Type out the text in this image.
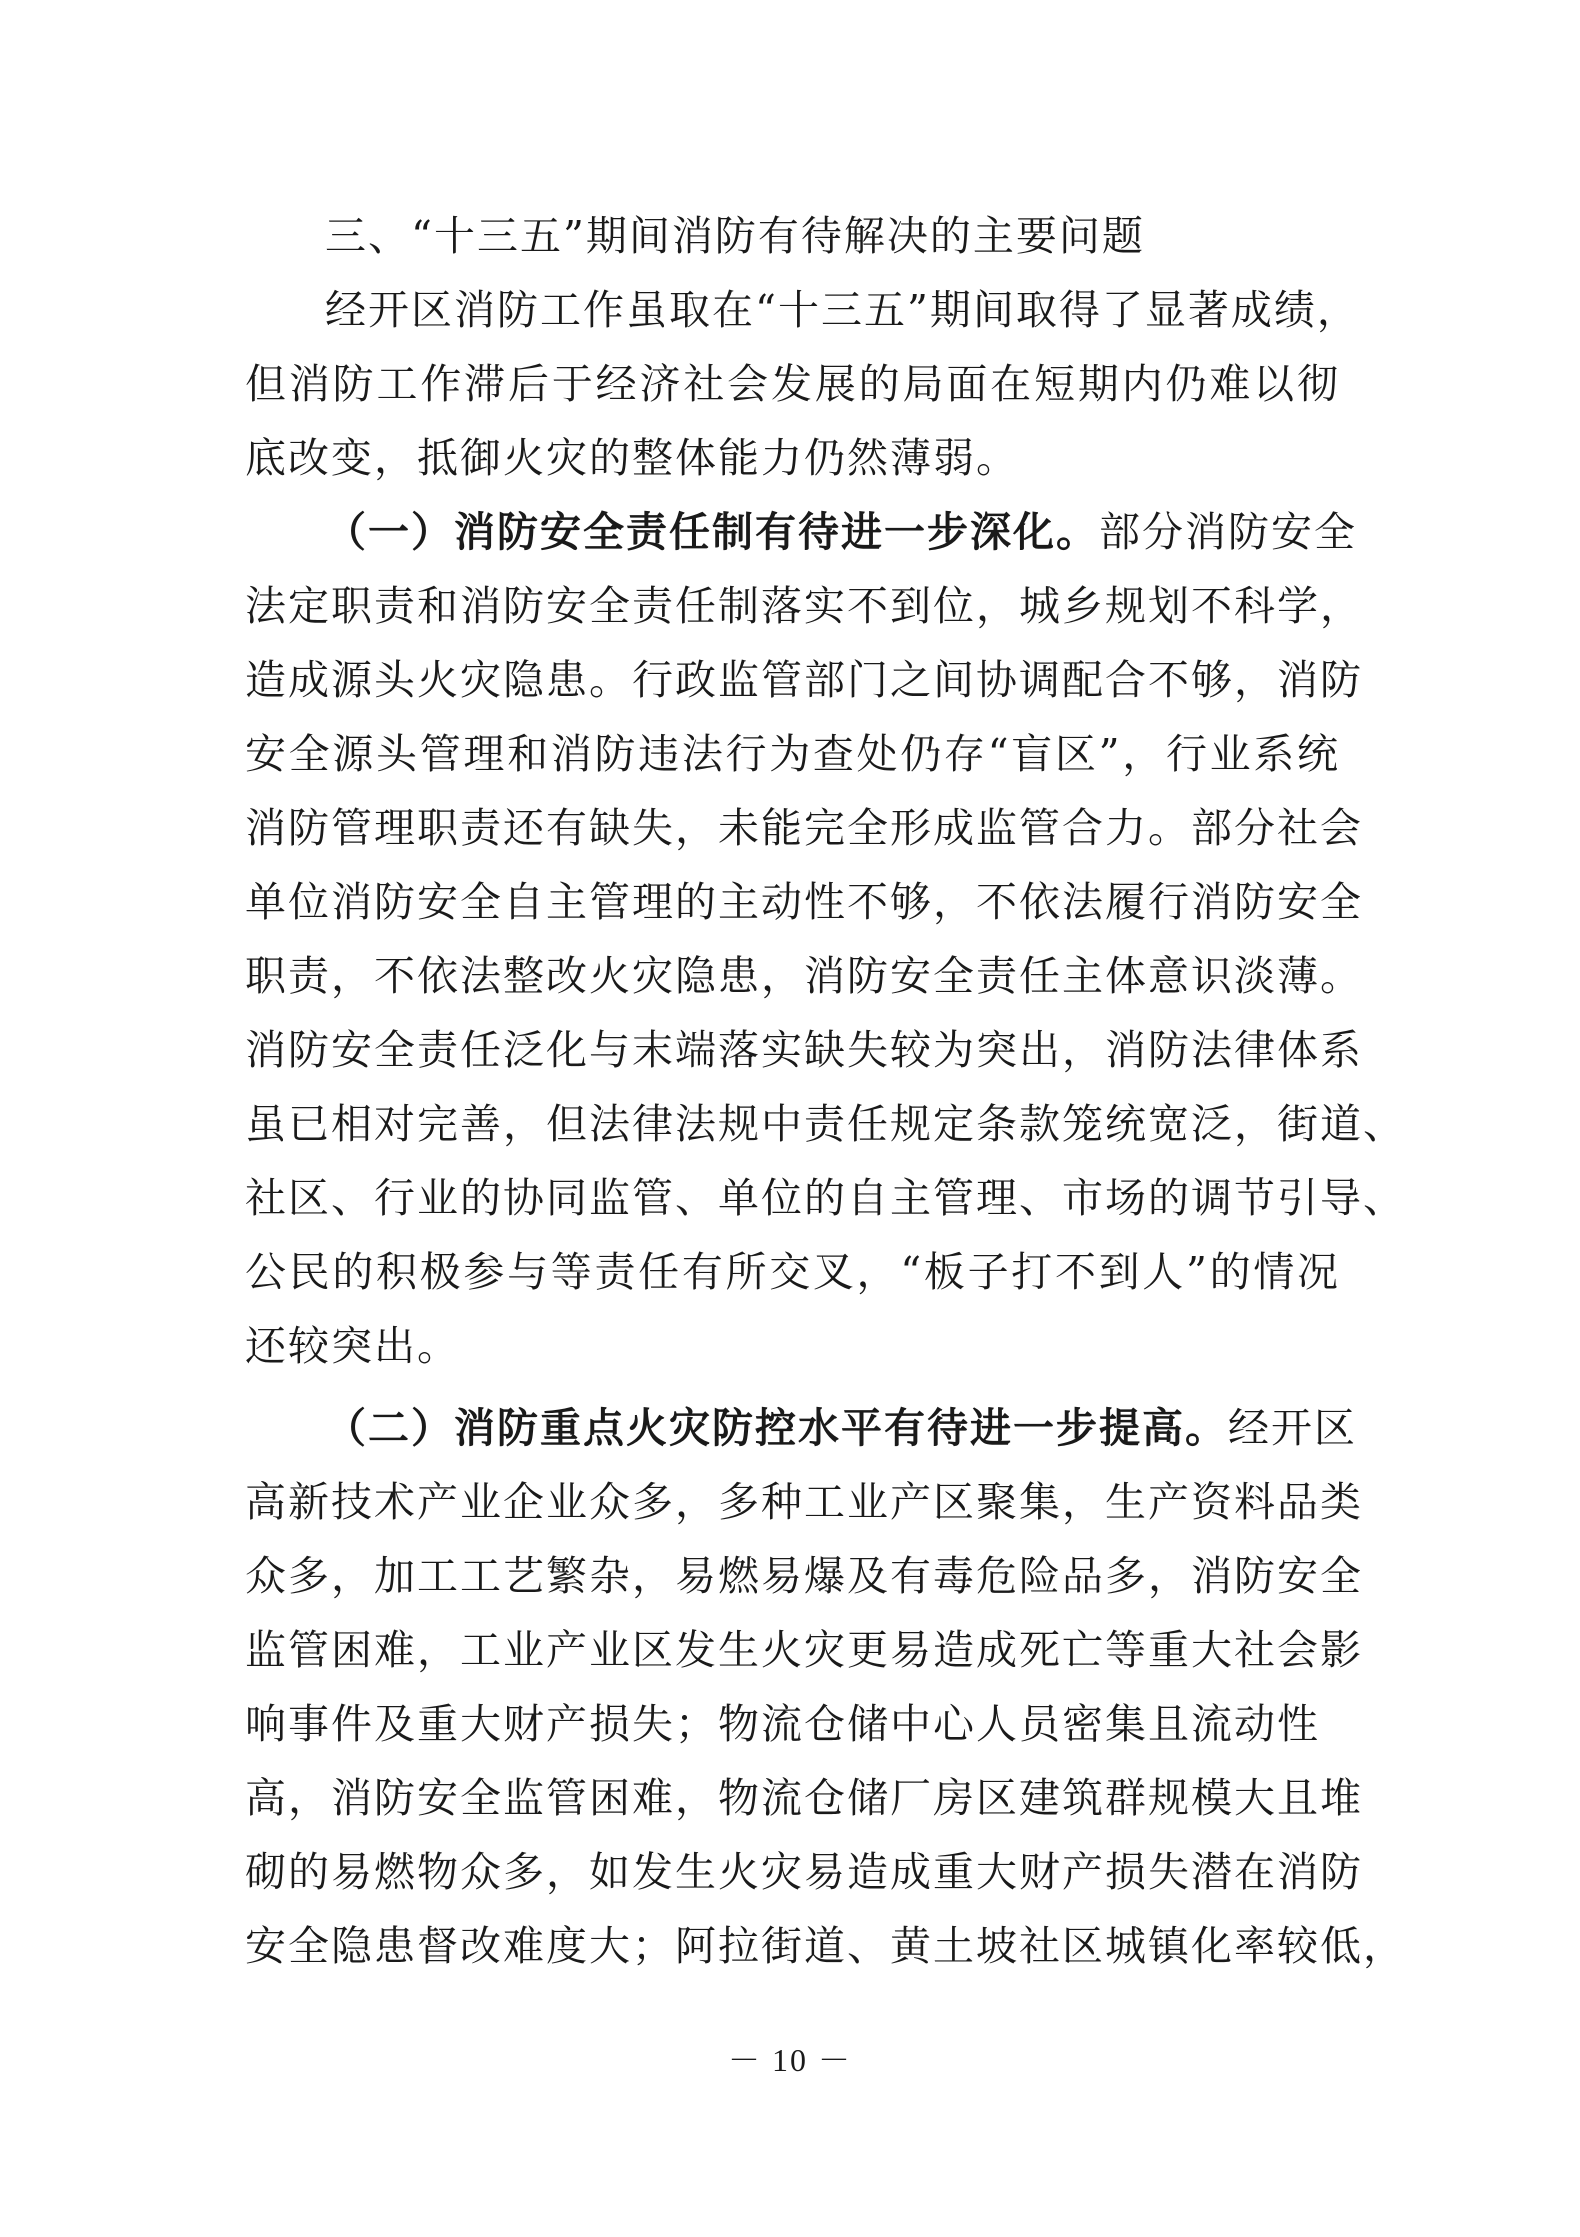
三、“十三五”期间消防有待解决的主要问题
经开区消防工作虽取在“十三五”期间取得了显著成绩，
但消防工作滞后于经济社会发展的局面在短期内仍难以彻
底改变，抵御火灾的整体能力仍然薄弱。
（一）消防安全责任制有待进一步深化。部分消防安全
法定职责和消防安全责任制落实不到位，城乡规划不科学，
造成源头火灾隐患。行政监管部门之间协调配合不够，消防
安全源头管理和消防违法行为查处仍存“盲区”，行业系统
消防管理职责还有缺失，未能完全形成监管合力。部分社会
单位消防安全自主管理的主动性不够，不依法履行消防安全
职责，不依法整改火灾隐患，消防安全责任主体意识淡薄。
消防安全责任泛化与末端落实缺失较为突出，消防法律体系
虽已相对完善，但法律法规中责任规定条款笼统宽泛，街道、
社区、行业的协同监管、单位的自主管理、市场的调节引导、
公民的积极参与等责任有所交叉，“板子打不到人”的情况
还较突出。
（二）消防重点火灾防控水平有待进一步提高。经开区
高新技术产业企业众多，多种工业产区聚集，生产资料品类
众多，加工工艺繁杂，易燃易爆及有毒危险品多，消防安全
监管困难，工业产业区发生火灾更易造成死亡等重大社会影
响事件及重大财产损失；物流仓储中心人员密集且流动性
高，消防安全监管困难，物流仓储厂房区建筑群规模大且堆
砌的易燃物众多，如发生火灾易造成重大财产损失潜在消防
安全隐患督改难度大；阿拉街道、黄土坡社区城镇化率较低，
－ 10 －
